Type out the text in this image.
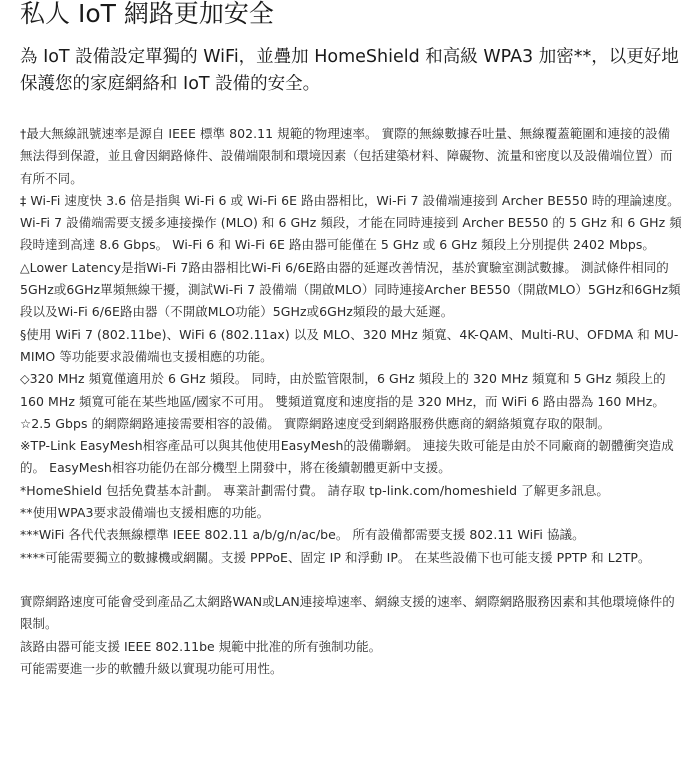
私人 IoT 網路更加安全

為 IoT 設備設定單獨的 WiFi，並疊加 HomeShield 和高級 WPA3 加密**，以更好地保護您的家庭網絡和 IoT 設備的安全。

†最大無線訊號速率是源自 IEEE 標準 802.11 規範的物理速率。 實際的無線數據吞吐量、無線覆蓋範圍和連接的設備無法得到保證，並且會因網路條件、設備端限制和環境因素（包括建築材料、障礙物、流量和密度以及設備端位置）而有所不同。

‡ Wi-Fi 速度快 3.6 倍是指與 Wi-Fi 6 或 Wi-Fi 6E 路由器相比，Wi-Fi 7 設備端連接到 Archer BE550 時的理論速度。 Wi-Fi 7 設備端需要支援多連接操作 (MLO) 和 6 GHz 頻段，才能在同時連接到 Archer BE550 的 5 GHz 和 6 GHz 頻段時達到高達 8.6 Gbps。 Wi-Fi 6 和 Wi-Fi 6E 路由器可能僅在 5 GHz 或 6 GHz 頻段上分別提供 2402 Mbps。

△Lower Latency是指Wi-Fi 7路由器相比Wi-Fi 6/6E路由器的延遲改善情況，基於實驗室測試數據。 測試條件相同的5GHz或6GHz單頻無線干擾，測試Wi-Fi 7 設備端（開啟MLO）同時連接Archer BE550（開啟MLO）5GHz和6GHz頻段以及Wi-Fi 6/6E路由器（不開啟MLO功能）5GHz或6GHz頻段的最大延遲。

§使用 WiFi 7 (802.11be)、WiFi 6 (802.11ax) 以及 MLO、320 MHz 頻寬、4K-QAM、Multi-RU、OFDMA 和 MU-MIMO 等功能要求設備端也支援相應的功能。

◇320 MHz 頻寬僅適用於 6 GHz 頻段。 同時，由於監管限制，6 GHz 頻段上的 320 MHz 頻寬和 5 GHz 頻段上的 160 MHz 頻寬可能在某些地區/國家不可用。 雙頻道寬度和速度指的是 320 MHz，而 WiFi 6 路由器為 160 MHz。

☆2.5 Gbps 的網際網路連接需要相容的設備。 實際網路速度受到網路服務供應商的網絡頻寬存取的限制。

※TP-Link EasyMesh相容產品可以與其他使用EasyMesh的設備聯網。 連接失敗可能是由於不同廠商的韌體衝突造成的。 EasyMesh相容功能仍在部分機型上開發中，將在後續韌體更新中支援。

*HomeShield 包括免費基本計劃。 專業計劃需付費。 請存取 tp-link.com/homeshield 了解更多訊息。

**使用WPA3要求設備端也支援相應的功能。

***WiFi 各代代表無線標準 IEEE 802.11 a/b/g/n/ac/be。 所有設備都需要支援 802.11 WiFi 協議。

****可能需要獨立的數據機或網關。支援 PPPoE、固定 IP 和浮動 IP。 在某些設備下也可能支援 PPTP 和 L2TP。

實際網路速度可能會受到產品乙太網路WAN或LAN連接埠速率、網線支援的速率、網際網路服務因素和其他環境條件的限制。

該路由器可能支援 IEEE 802.11be 規範中批准的所有強制功能。

可能需要進一步的軟體升級以實現功能可用性。
